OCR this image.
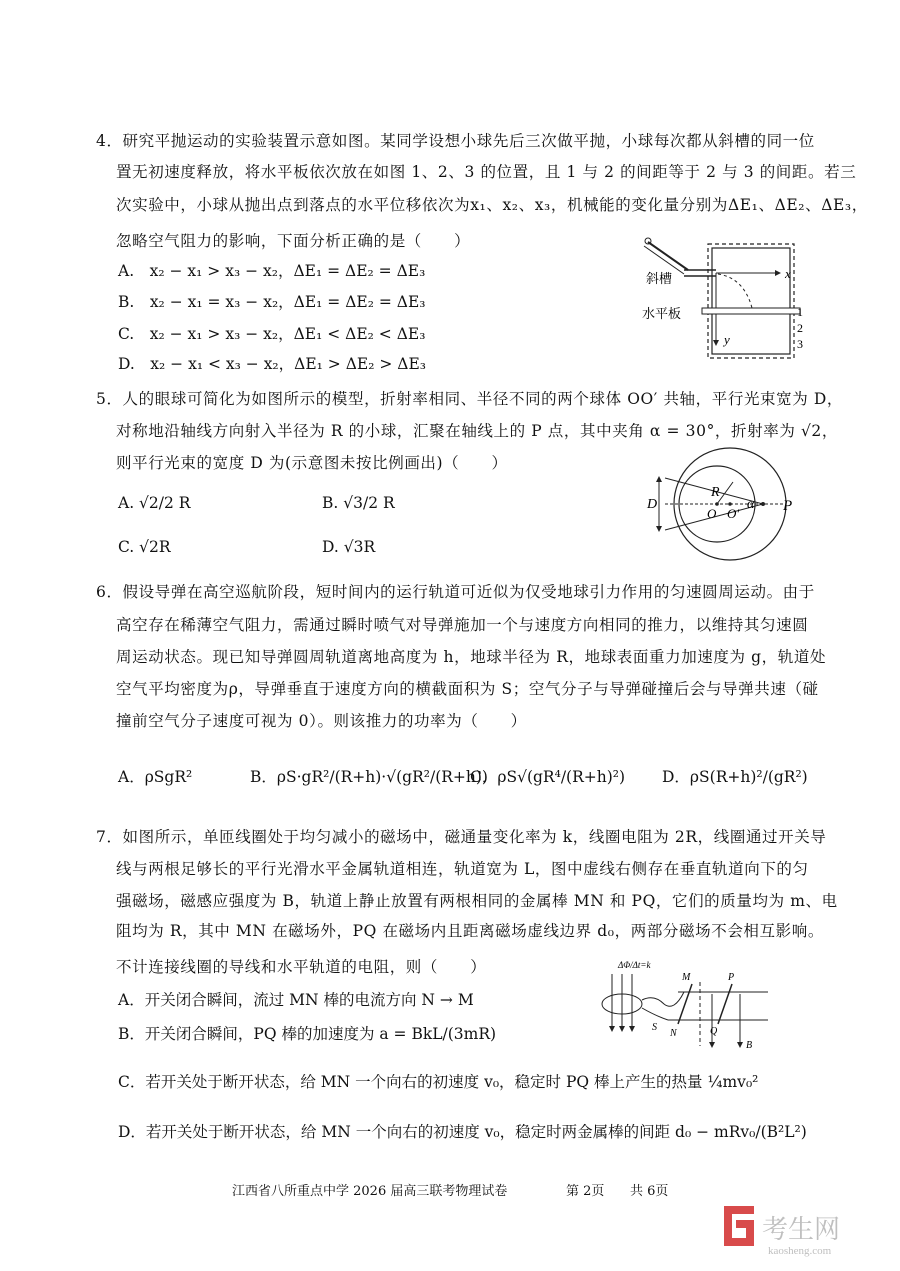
4．研究平抛运动的实验装置示意如图。某同学设想小球先后三次做平抛，小球每次都从斜槽的同一位
置无初速度释放，将水平板依次放在如图 1、2、3 的位置，且 1 与 2 的间距等于 2 与 3 的间距。若三
次实验中，小球从抛出点到落点的水平位移依次为x₁、x₂、x₃，机械能的变化量分别为ΔE₁、ΔE₂、ΔE₃，
忽略空气阻力的影响，下面分析正确的是（　　）
A.　x₂ − x₁ > x₃ − x₂，ΔE₁ = ΔE₂ = ΔE₃
B.　x₂ − x₁ = x₃ − x₂，ΔE₁ = ΔE₂ = ΔE₃
C.　x₂ − x₁ > x₃ − x₂，ΔE₁ < ΔE₂ < ΔE₃
D.　x₂ − x₁ < x₃ − x₂，ΔE₁ > ΔE₂ > ΔE₃
斜槽
水平板
x
y
1
2
3
5．人的眼球可简化为如图所示的模型，折射率相同、半径不同的两个球体 OO′ 共轴，平行光束宽为 D，
对称地沿轴线方向射入半径为 R 的小球，汇聚在轴线上的 P 点，其中夹角 α = 30°，折射率为 √2，
则平行光束的宽度 D 为(示意图未按比例画出)（　　）
A. √2/2 R	B. √3/2 R
C. √2R	D. √3R
D
R
O O′
α P
6．假设导弹在高空巡航阶段，短时间内的运行轨道可近似为仅受地球引力作用的匀速圆周运动。由于
高空存在稀薄空气阻力，需通过瞬时喷气对导弹施加一个与速度方向相同的推力，以维持其匀速圆
周运动状态。现已知导弹圆周轨道离地高度为 h，地球半径为 R，地球表面重力加速度为 g，轨道处
空气平均密度为ρ，导弹垂直于速度方向的横截面积为 S；空气分子与导弹碰撞后会与导弹共速（碰
撞前空气分子速度可视为 0）。则该推力的功率为（　　）
A．ρSgR²	B．ρS·gR²/(R+h)·√(gR²/(R+h))
C．ρS√(gR⁴/(R+h)²) D．ρS(R+h)²/(gR²)
7．如图所示，单匝线圈处于均匀减小的磁场中，磁通量变化率为 k，线圈电阻为 2R，线圈通过开关导
线与两根足够长的平行光滑水平金属轨道相连，轨道宽为 L，图中虚线右侧存在垂直轨道向下的匀
强磁场，磁感应强度为 B，轨道上静止放置有两根相同的金属棒 MN 和 PQ，它们的质量均为 m、电
阻均为 R，其中 MN 在磁场外，PQ 在磁场内且距离磁场虚线边界 d₀，两部分磁场不会相互影响。
不计连接线圈的导线和水平轨道的电阻，则（　　）
A．开关闭合瞬间，流过 MN 棒的电流方向 N → M
B．开关闭合瞬间，PQ 棒的加速度为 a = BkL/(3mR)
C．若开关处于断开状态，给 MN 一个向右的初速度 v₀，稳定时 PQ 棒上产生的热量 ¼mv₀²
D．若开关处于断开状态，给 MN 一个向右的初速度 v₀，稳定时两金属棒的间距 d₀ − mRv₀/(B²L²)
ΔΦ/Δt=k
M	P
S
N	Q
B
江西省八所重点中学 2026 届高三联考物理试卷	第 2页 共 6页
考生网
kaosheng.com
